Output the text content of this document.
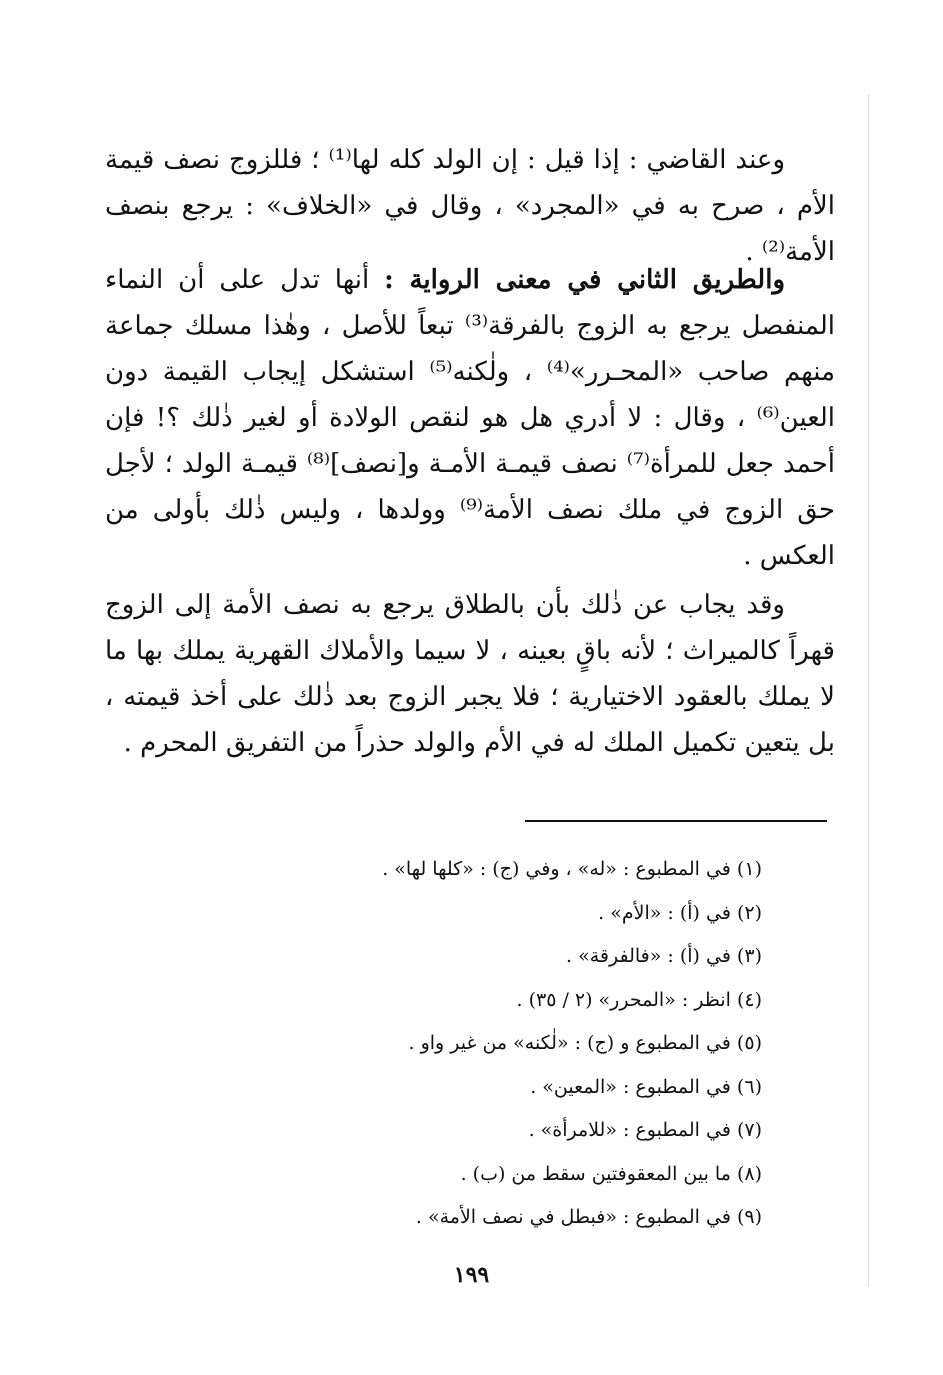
وعند القاضي : إذا قيل : إن الولد كله لها⁽¹⁾ ؛ فللزوج نصف قيمة الأم ، صرح به في «المجرد» ، وقال في «الخلاف» : يرجع بنصف الأمة⁽²⁾ .

والطريق الثاني في معنى الرواية : أنها تدل على أن النماء المنفصل يرجع به الزوج بالفرقة⁽³⁾ تبعاً للأصل ، وهٰذا مسلك جماعة منهم صاحب «المحـرر»⁽⁴⁾ ، ولٰكنه⁽⁵⁾ استشكل إيجاب القيمة دون العين⁽⁶⁾ ، وقال : لا أدري هل هو لنقص الولادة أو لغير ذٰلك ؟! فإن أحمد جعل للمرأة⁽⁷⁾ نصف قيمـة الأمـة و[نصف]⁽⁸⁾ قيمـة الولد ؛ لأجل حق الزوج في ملك نصف الأمة⁽⁹⁾ وولدها ، وليس ذٰلك بأولى من العكس .

وقد يجاب عن ذٰلك بأن بالطلاق يرجع به نصف الأمة إلى الزوج قهراً كالميراث ؛ لأنه باقٍ بعينه ، لا سيما والأملاك القهرية يملك بها ما لا يملك بالعقود الاختيارية ؛ فلا يجبر الزوج بعد ذٰلك على أخذ قيمته ، بل يتعين تكميل الملك له في الأم والولد حذراً من التفريق المحرم .

(١) في المطبوع : «له» ، وفي (ج) : «كلها لها» .

(٢) في (أ) : «الأم» .

(٣) في (أ) : «فالفرقة» .

(٤) انظر : «المحرر» (٢ / ٣٥) .

(٥) في المطبوع و (ج) : «لٰكنه» من غير واو .

(٦) في المطبوع : «المعين» .

(٧) في المطبوع : «للامرأة» .

(٨) ما بين المعقوفتين سقط من (ب) .

(٩) في المطبوع : «فبطل في نصف الأمة» .

١٩٩
